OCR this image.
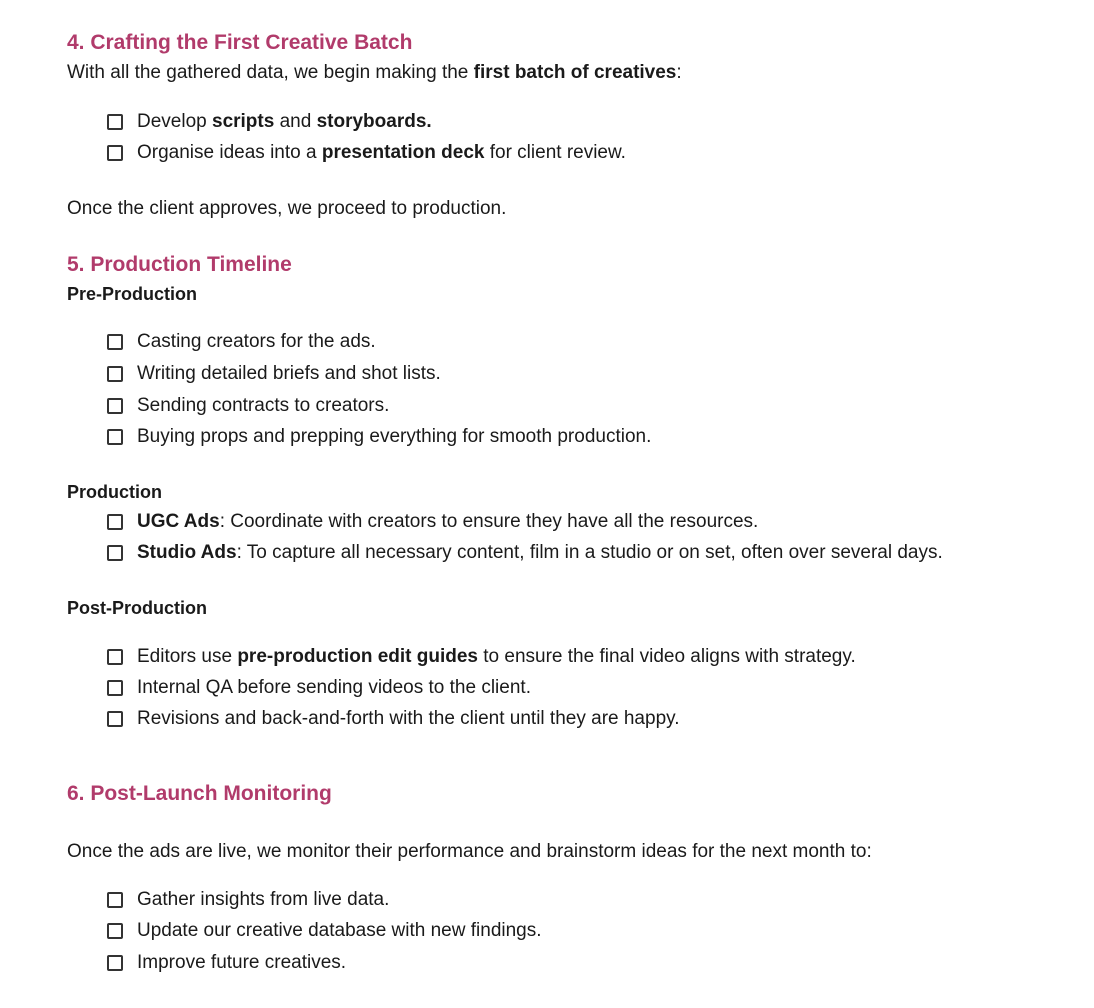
4. Crafting the First Creative Batch
With all the gathered data, we begin making the first batch of creatives:
Develop scripts and storyboards.
Organise ideas into a presentation deck for client review.
Once the client approves, we proceed to production.
5. Production Timeline
Pre-Production
Casting creators for the ads.
Writing detailed briefs and shot lists.
Sending contracts to creators.
Buying props and prepping everything for smooth production.
Production
UGC Ads: Coordinate with creators to ensure they have all the resources.
Studio Ads: To capture all necessary content, film in a studio or on set, often over several days.
Post-Production
Editors use pre-production edit guides to ensure the final video aligns with strategy.
Internal QA before sending videos to the client.
Revisions and back-and-forth with the client until they are happy.
6. Post-Launch Monitoring
Once the ads are live, we monitor their performance and brainstorm ideas for the next month to:
Gather insights from live data.
Update our creative database with new findings.
Improve future creatives.
